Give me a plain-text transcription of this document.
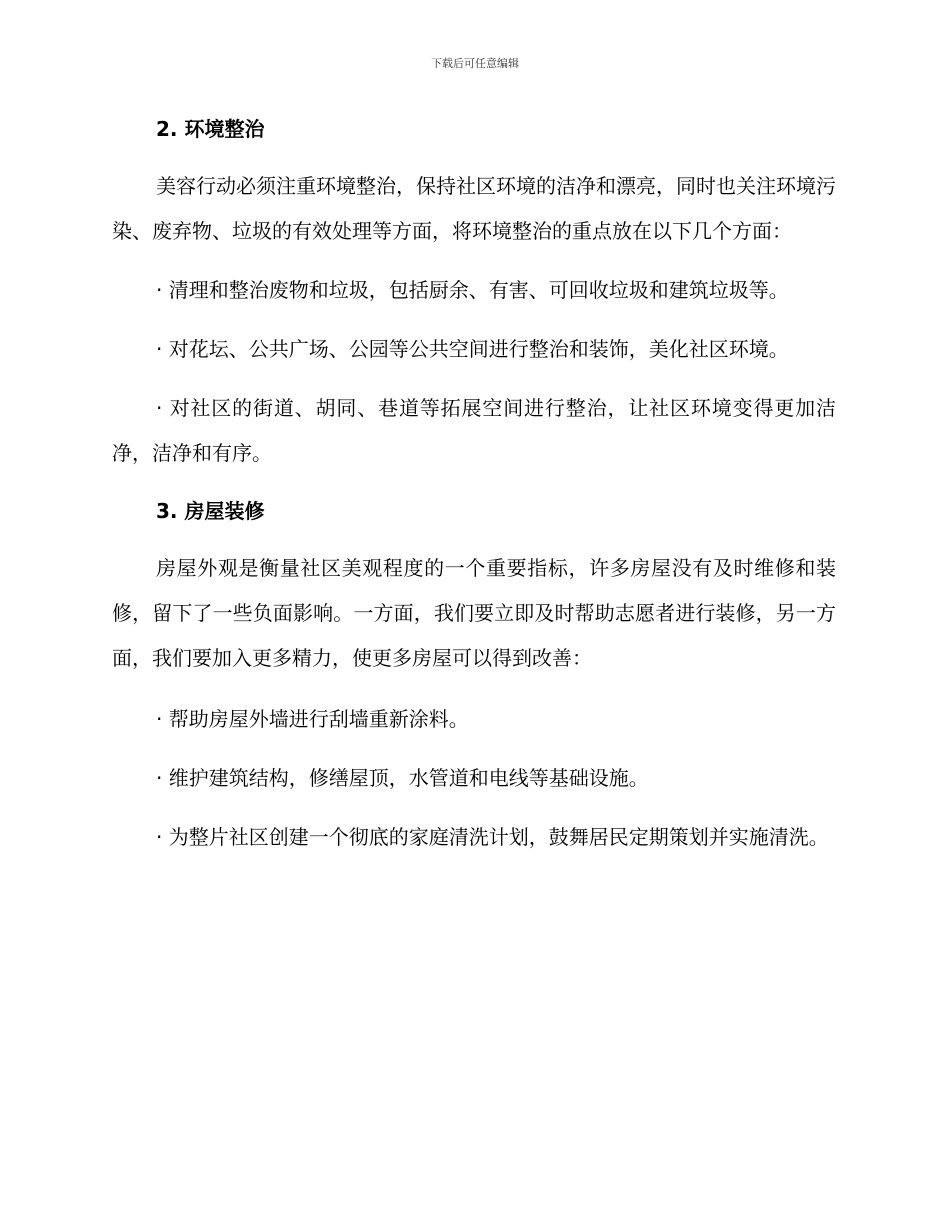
下载后可任意编辑
2. 环境整治

美容行动必须注重环境整治，保持社区环境的洁净和漂亮，同时也关注环境污染、废弃物、垃圾的有效处理等方面，将环境整治的重点放在以下几个方面：

· 清理和整治废物和垃圾，包括厨余、有害、可回收垃圾和建筑垃圾等。

· 对花坛、公共广场、公园等公共空间进行整治和装饰，美化社区环境。

· 对社区的街道、胡同、巷道等拓展空间进行整治，让社区环境变得更加洁净，洁净和有序。

3. 房屋装修

房屋外观是衡量社区美观程度的一个重要指标，许多房屋没有及时维修和装修，留下了一些负面影响。一方面，我们要立即及时帮助志愿者进行装修，另一方面，我们要加入更多精力，使更多房屋可以得到改善：

· 帮助房屋外墙进行刮墙重新涂料。

· 维护建筑结构，修缮屋顶，水管道和电线等基础设施。

· 为整片社区创建一个彻底的家庭清洗计划，鼓舞居民定期策划并实施清洗。
